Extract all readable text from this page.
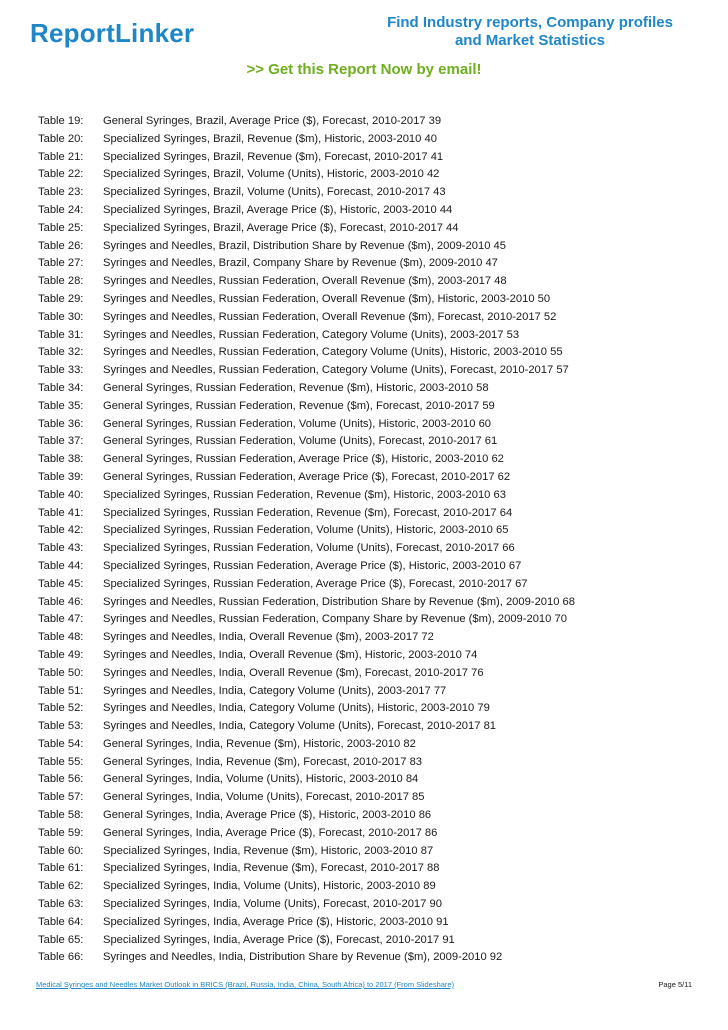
ReportLinker	Find Industry reports, Company profiles and Market Statistics
>> Get this Report Now by email!
Table 19:	General Syringes, Brazil, Average Price ($), Forecast, 2010-2017 39
Table 20:	Specialized Syringes, Brazil, Revenue ($m), Historic, 2003-2010 40
Table 21:	Specialized Syringes, Brazil, Revenue ($m), Forecast, 2010-2017 41
Table 22:	Specialized Syringes, Brazil, Volume (Units), Historic, 2003-2010 42
Table 23:	Specialized Syringes, Brazil, Volume (Units), Forecast, 2010-2017 43
Table 24:	Specialized Syringes, Brazil, Average Price ($), Historic, 2003-2010 44
Table 25:	Specialized Syringes, Brazil, Average Price ($), Forecast, 2010-2017 44
Table 26:	Syringes and Needles, Brazil, Distribution Share by Revenue ($m), 2009-2010 45
Table 27:	Syringes and Needles, Brazil, Company Share by Revenue ($m), 2009-2010 47
Table 28:	Syringes and Needles, Russian Federation, Overall Revenue ($m), 2003-2017 48
Table 29:	Syringes and Needles, Russian Federation, Overall Revenue ($m), Historic, 2003-2010 50
Table 30:	Syringes and Needles, Russian Federation, Overall Revenue ($m), Forecast, 2010-2017 52
Table 31:	Syringes and Needles, Russian Federation, Category Volume (Units), 2003-2017 53
Table 32:	Syringes and Needles, Russian Federation, Category Volume (Units), Historic, 2003-2010 55
Table 33:	Syringes and Needles, Russian Federation, Category Volume (Units), Forecast, 2010-2017 57
Table 34:	General Syringes, Russian Federation, Revenue ($m), Historic, 2003-2010 58
Table 35:	General Syringes, Russian Federation, Revenue ($m), Forecast, 2010-2017 59
Table 36:	General Syringes, Russian Federation, Volume (Units), Historic, 2003-2010 60
Table 37:	General Syringes, Russian Federation, Volume (Units), Forecast, 2010-2017 61
Table 38:	General Syringes, Russian Federation, Average Price ($), Historic, 2003-2010 62
Table 39:	General Syringes, Russian Federation, Average Price ($), Forecast, 2010-2017 62
Table 40:	Specialized Syringes, Russian Federation, Revenue ($m), Historic, 2003-2010 63
Table 41:	Specialized Syringes, Russian Federation, Revenue ($m), Forecast, 2010-2017 64
Table 42:	Specialized Syringes, Russian Federation, Volume (Units), Historic, 2003-2010 65
Table 43:	Specialized Syringes, Russian Federation, Volume (Units), Forecast, 2010-2017 66
Table 44:	Specialized Syringes, Russian Federation, Average Price ($), Historic, 2003-2010 67
Table 45:	Specialized Syringes, Russian Federation, Average Price ($), Forecast, 2010-2017 67
Table 46:	Syringes and Needles, Russian Federation, Distribution Share by Revenue ($m), 2009-2010 68
Table 47:	Syringes and Needles, Russian Federation, Company Share by Revenue ($m), 2009-2010 70
Table 48:	Syringes and Needles, India, Overall Revenue ($m), 2003-2017 72
Table 49:	Syringes and Needles, India, Overall Revenue ($m), Historic, 2003-2010 74
Table 50:	Syringes and Needles, India, Overall Revenue ($m), Forecast, 2010-2017 76
Table 51:	Syringes and Needles, India, Category Volume (Units), 2003-2017 77
Table 52:	Syringes and Needles, India, Category Volume (Units), Historic, 2003-2010 79
Table 53:	Syringes and Needles, India, Category Volume (Units), Forecast, 2010-2017 81
Table 54:	General Syringes, India, Revenue ($m), Historic, 2003-2010 82
Table 55:	General Syringes, India, Revenue ($m), Forecast, 2010-2017 83
Table 56:	General Syringes, India, Volume (Units), Historic, 2003-2010 84
Table 57:	General Syringes, India, Volume (Units), Forecast, 2010-2017 85
Table 58:	General Syringes, India, Average Price ($), Historic, 2003-2010 86
Table 59:	General Syringes, India, Average Price ($), Forecast, 2010-2017 86
Table 60:	Specialized Syringes, India, Revenue ($m), Historic, 2003-2010 87
Table 61:	Specialized Syringes, India, Revenue ($m), Forecast, 2010-2017 88
Table 62:	Specialized Syringes, India, Volume (Units), Historic, 2003-2010 89
Table 63:	Specialized Syringes, India, Volume (Units), Forecast, 2010-2017 90
Table 64:	Specialized Syringes, India, Average Price ($), Historic, 2003-2010 91
Table 65:	Specialized Syringes, India, Average Price ($), Forecast, 2010-2017 91
Table 66:	Syringes and Needles, India, Distribution Share by Revenue ($m), 2009-2010 92
Medical Syringes and Needles Market Outlook in BRICS (Brazil, Russia, India, China, South Africa) to 2017 (From Slideshare)	Page 5/11
